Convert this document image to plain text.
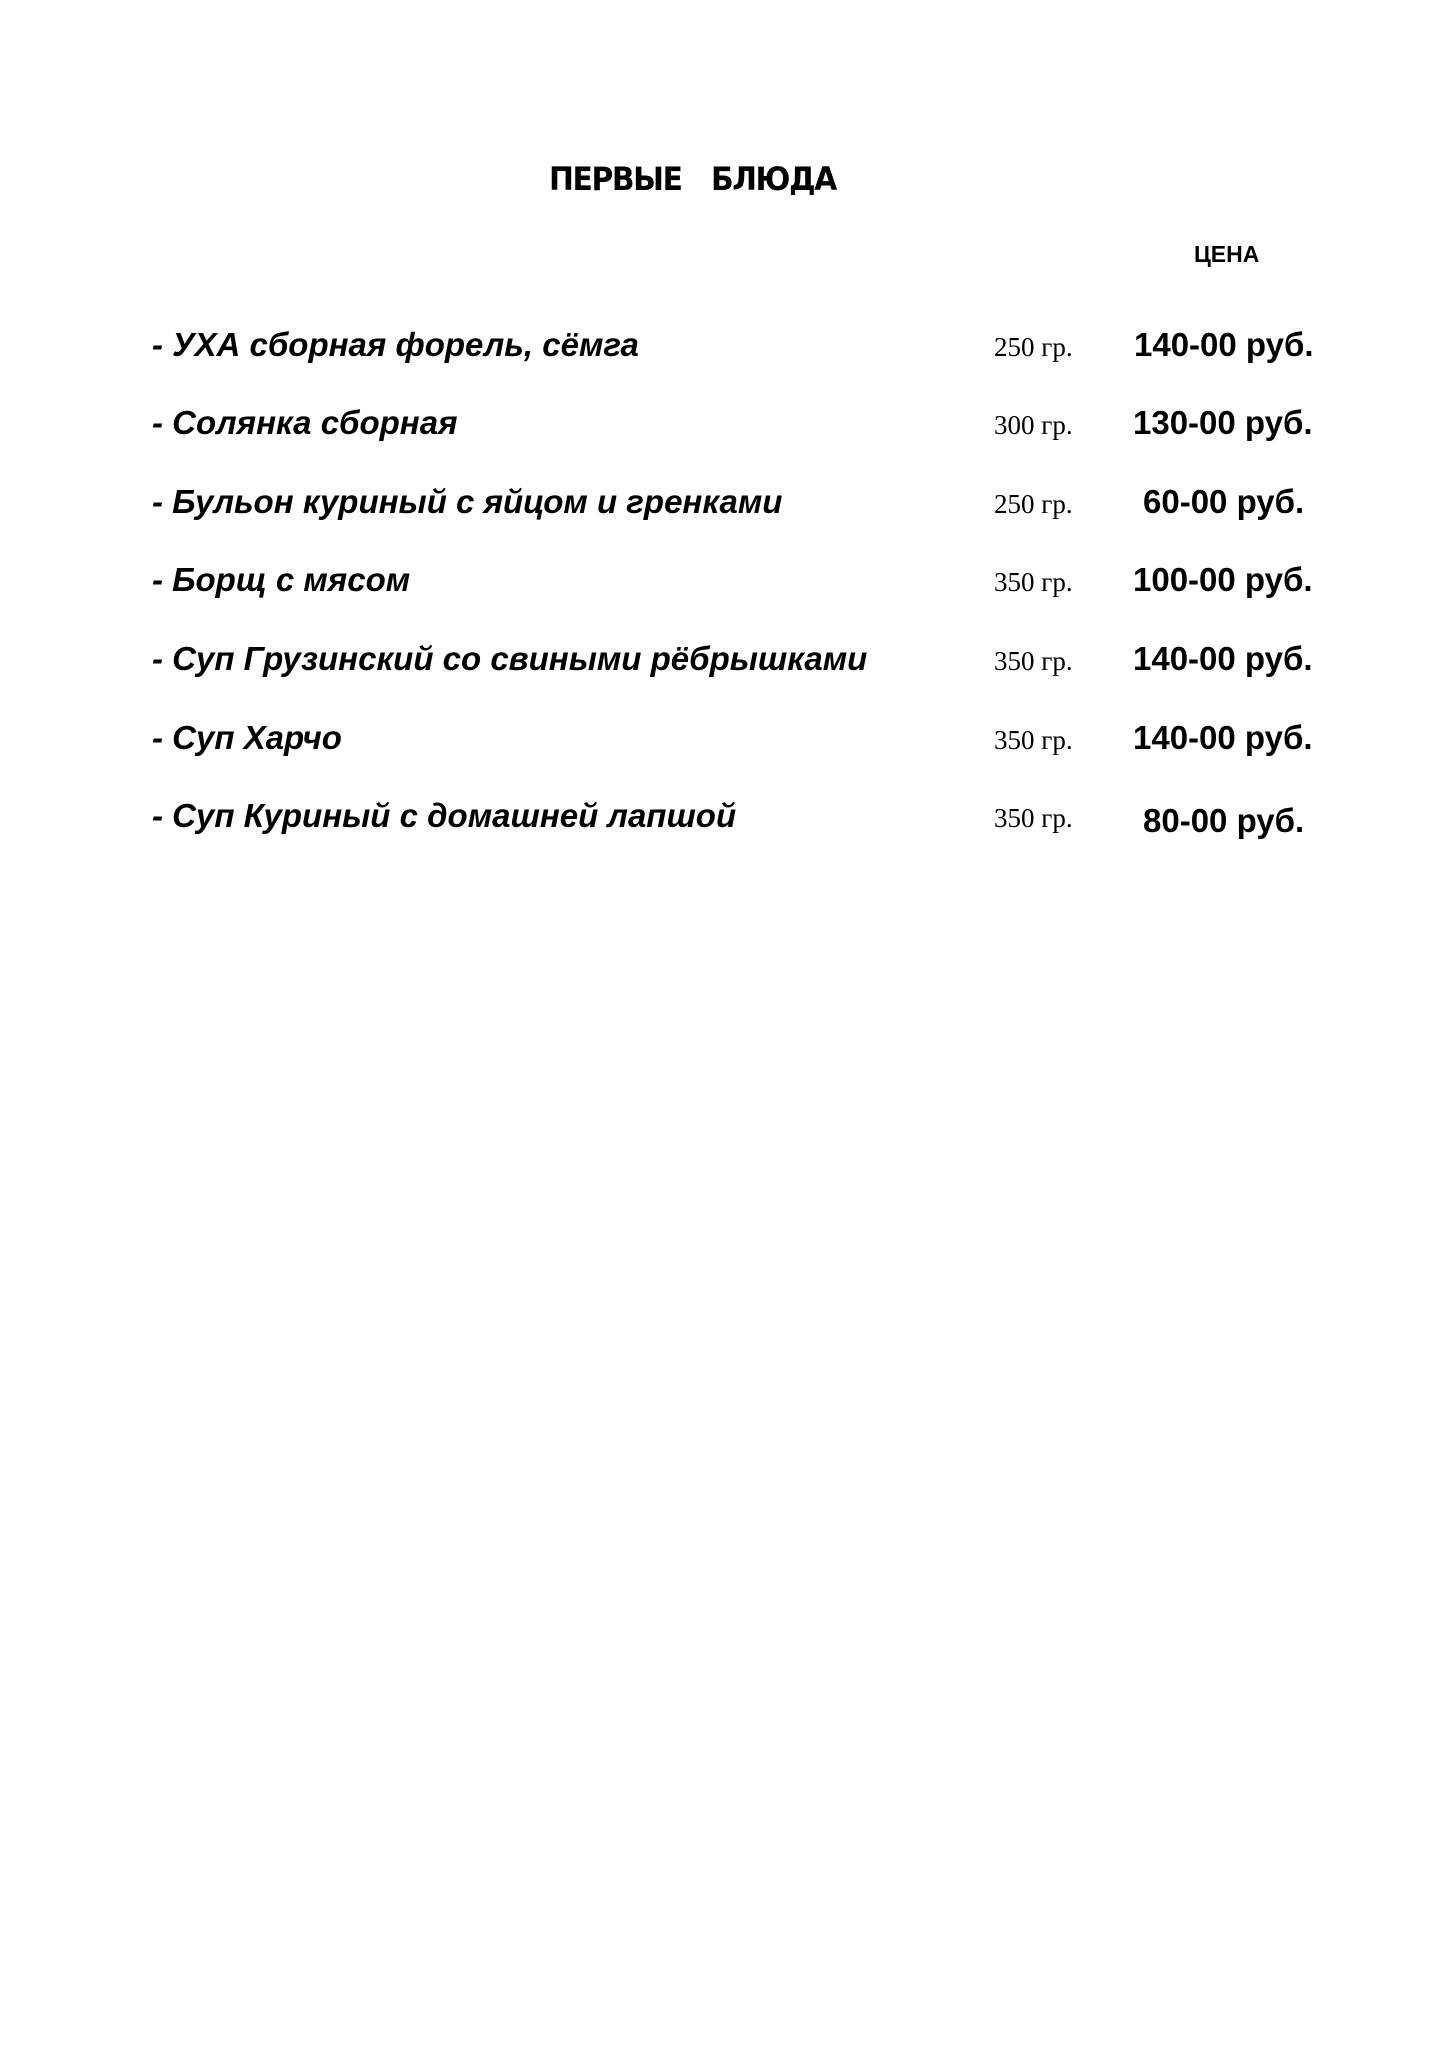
ПЕРВЫЕ БЛЮДА
ЦЕНА
- УХА сборная форель, сёмга	250 гр. 140-00 руб.
- Солянка сборная	300 гр. 130-00 руб.
- Бульон куриный с яйцом и гренками	250 гр. 60-00 руб.
- Борщ с мясом	350 гр. 100-00 руб.
- Суп Грузинский со свиными рёбрышками	350 гр. 140-00 руб.
- Суп Харчо	350 гр. 140-00 руб.
- Суп Куриный с домашней лапшой	350 гр. 80-00 руб.
